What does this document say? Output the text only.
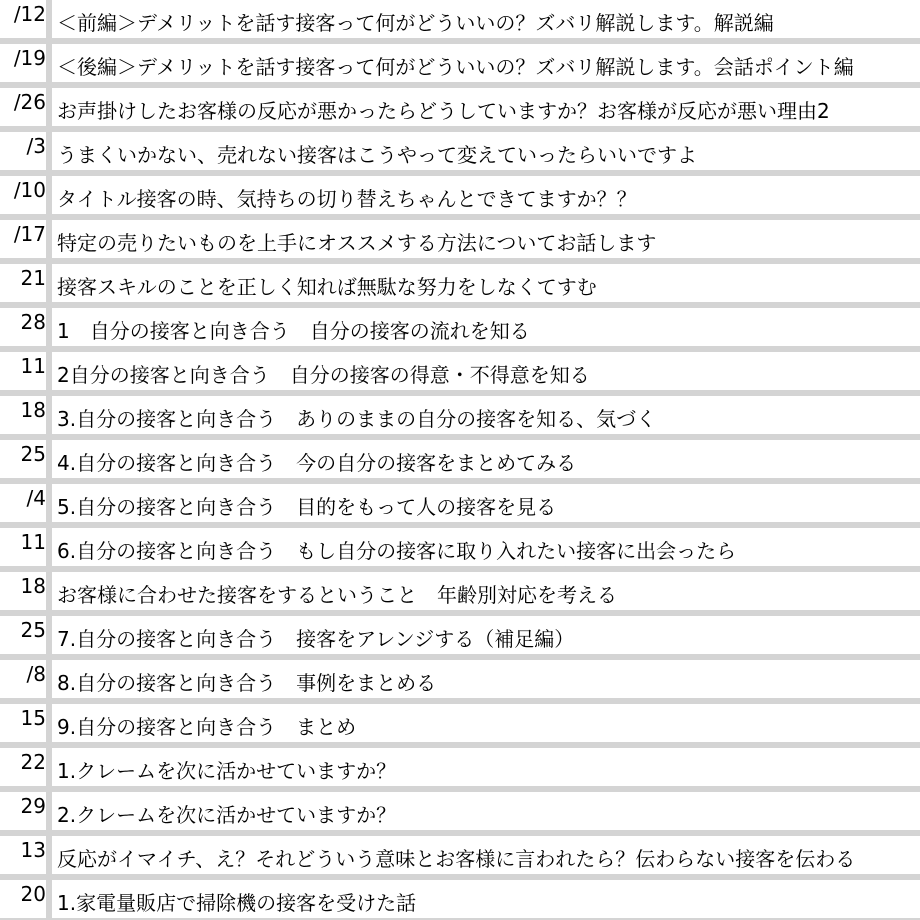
/12 ＜前編＞デメリットを話す接客って何がどういいの？ズバリ解説します。解説編
/19 ＜後編＞デメリットを話す接客って何がどういいの？ズバリ解説します。会話ポイント編
/26 お声掛けしたお客様の反応が悪かったらどうしていますか？お客様が反応が悪い理由2
/3 うまくいかない、売れない接客はこうやって変えていったらいいですよ
/10 タイトル接客の時、気持ちの切り替えちゃんとできてますか？？
/17 特定の売りたいものを上手にオススメする方法についてお話します
21 接客スキルのことを正しく知れば無駄な努力をしなくてすむ
28 1　自分の接客と向き合う　自分の接客の流れを知る
11 2自分の接客と向き合う　自分の接客の得意・不得意を知る
18 3.自分の接客と向き合う　ありのままの自分の接客を知る、気づく
25 4.自分の接客と向き合う　今の自分の接客をまとめてみる
/4 5.自分の接客と向き合う　目的をもって人の接客を見る
11 6.自分の接客と向き合う　もし自分の接客に取り入れたい接客に出会ったら
18 お客様に合わせた接客をするということ　年齢別対応を考える
25 7.自分の接客と向き合う　接客をアレンジする（補足編）
/8 8.自分の接客と向き合う　事例をまとめる
15 9.自分の接客と向き合う　まとめ
22 1.クレームを次に活かせていますか？
29 2.クレームを次に活かせていますか？
13 反応がイマイチ、え？それどういう意味とお客様に言われたら？伝わらない接客を伝わる
20 1.家電量販店で掃除機の接客を受けた話
